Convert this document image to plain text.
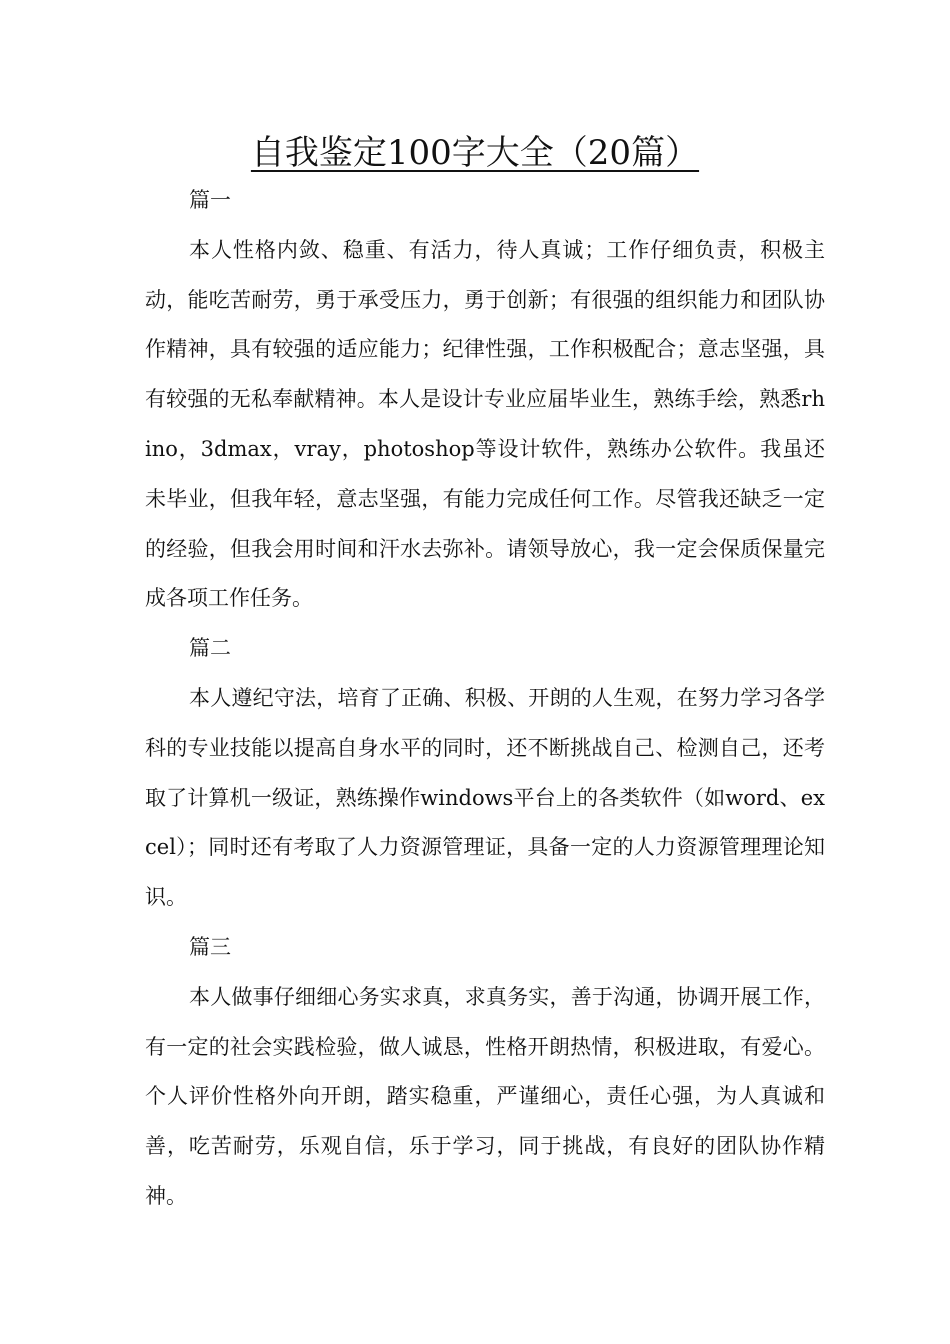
自我鉴定100字大全（20篇）

篇一

本人性格内敛、稳重、有活力，待人真诚；工作仔细负责，积极主动，能吃苦耐劳，勇于承受压力，勇于创新；有很强的组织能力和团队协作精神，具有较强的适应能力；纪律性强，工作积极配合；意志坚强，具有较强的无私奉献精神。本人是设计专业应届毕业生，熟练手绘，熟悉rhino，3dmax，vray，photoshop等设计软件，熟练办公软件。我虽还未毕业，但我年轻，意志坚强，有能力完成任何工作。尽管我还缺乏一定的经验，但我会用时间和汗水去弥补。请领导放心，我一定会保质保量完成各项工作任务。

篇二

本人遵纪守法，培育了正确、积极、开朗的人生观，在努力学习各学科的专业技能以提高自身水平的同时，还不断挑战自己、检测自己，还考取了计算机一级证，熟练操作windows平台上的各类软件（如word、excel）；同时还有考取了人力资源管理证，具备一定的人力资源管理理论知识。

篇三

本人做事仔细细心务实求真，求真务实，善于沟通，协调开展工作，有一定的社会实践检验，做人诚恳，性格开朗热情，积极进取，有爱心。个人评价性格外向开朗，踏实稳重，严谨细心，责任心强，为人真诚和善，吃苦耐劳，乐观自信，乐于学习，同于挑战，有良好的团队协作精神。
